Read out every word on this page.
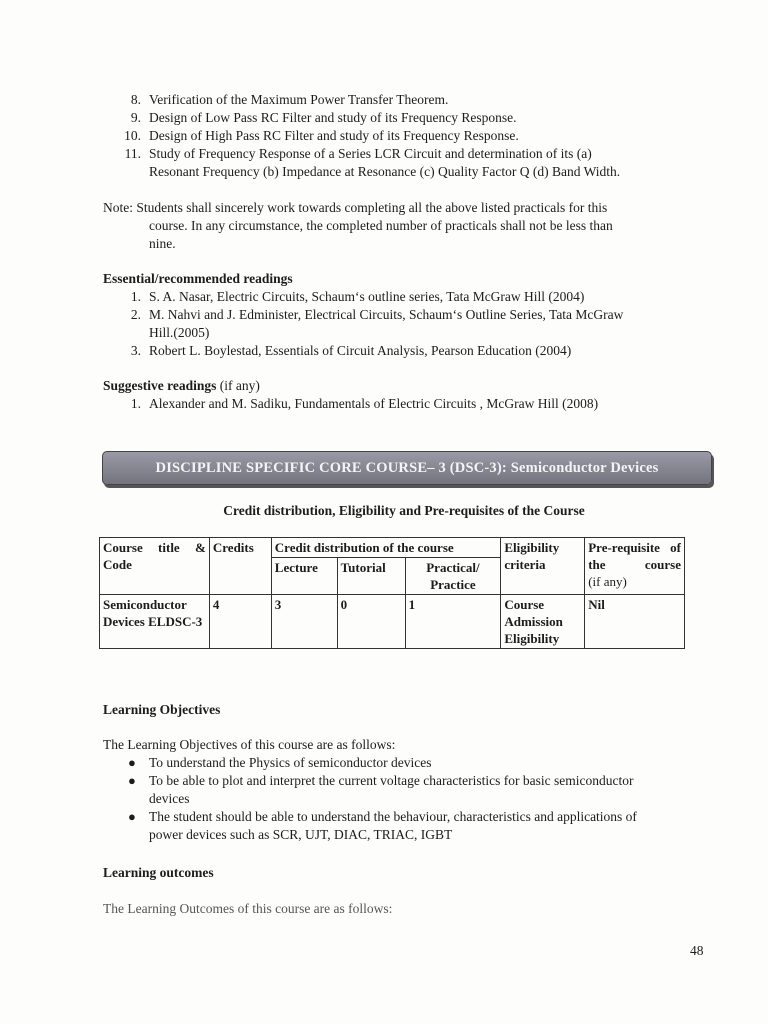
8. Verification of the Maximum Power Transfer Theorem.
9. Design of Low Pass RC Filter and study of its Frequency Response.
10. Design of High Pass RC Filter and study of its Frequency Response.
11. Study of Frequency Response of a Series LCR Circuit and determination of its (a)
Resonant Frequency (b) Impedance at Resonance (c) Quality Factor Q (d) Band Width.
Note: Students shall sincerely work towards completing all the above listed practicals for this
course. In any circumstance, the completed number of practicals shall not be less than
nine.
Essential/recommended readings
1. S. A. Nasar, Electric Circuits, Schaum‘s outline series, Tata McGraw Hill (2004)
2. M. Nahvi and J. Edminister, Electrical Circuits, Schaum‘s Outline Series, Tata McGraw
Hill.(2005)
3. Robert L. Boylestad, Essentials of Circuit Analysis, Pearson Education (2004)
Suggestive readings (if any)
1. Alexander and M. Sadiku, Fundamentals of Electric Circuits , McGraw Hill (2008)
DISCIPLINE SPECIFIC CORE COURSE– 3 (DSC-3): Semiconductor Devices
Credit distribution, Eligibility and Pre-requisites of the Course
Course title & Code	Credits	Credit distribution of the course			Eligibility criteria	Pre-requisite of the course
(if any)

		Lecture	Tutorial	Practical/ Practice		
Semiconductor Devices ELDSC-3	4	3	0	1	Course Admission Eligibility	Nil
Learning Objectives
The Learning Objectives of this course are as follows:
● To understand the Physics of semiconductor devices
● To be able to plot and interpret the current voltage characteristics for basic semiconductor
devices
● The student should be able to understand the behaviour, characteristics and applications of
power devices such as SCR, UJT, DIAC, TRIAC, IGBT
Learning outcomes
The Learning Outcomes of this course are as follows:
48
